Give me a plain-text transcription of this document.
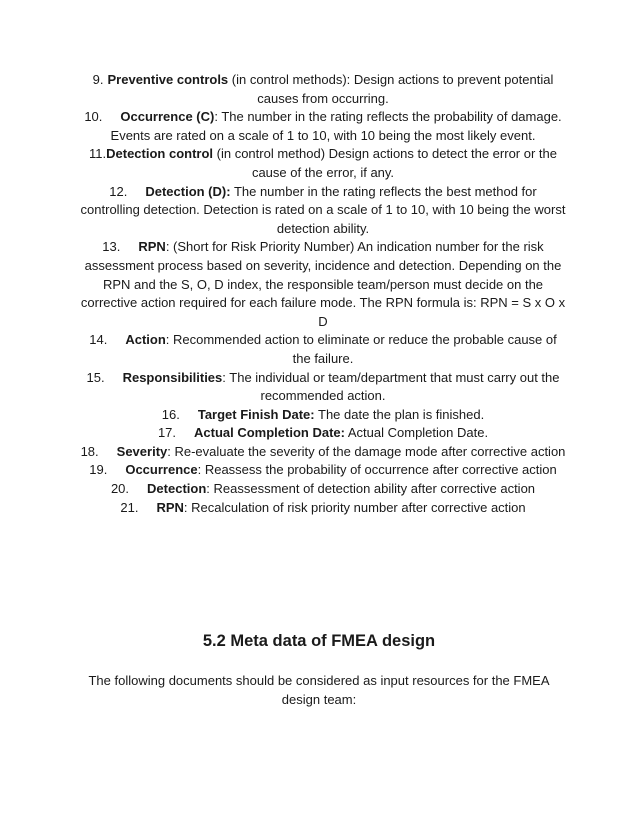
9. Preventive controls (in control methods): Design actions to prevent potential causes from occurring.

10. Occurrence (C): The number in the rating reflects the probability of damage. Events are rated on a scale of 1 to 10, with 10 being the most likely event.

11.Detection control (in control method) Design actions to detect the error or the cause of the error, if any.

12. Detection (D): The number in the rating reflects the best method for controlling detection. Detection is rated on a scale of 1 to 10, with 10 being the worst detection ability.

13. RPN: (Short for Risk Priority Number) An indication number for the risk assessment process based on severity, incidence and detection. Depending on the RPN and the S, O, D index, the responsible team/person must decide on the corrective action required for each failure mode. The RPN formula is: RPN = S x O x D

14. Action: Recommended action to eliminate or reduce the probable cause of the failure.

15. Responsibilities: The individual or team/department that must carry out the recommended action.

16. Target Finish Date: The date the plan is finished.

17. Actual Completion Date: Actual Completion Date.

18. Severity: Re-evaluate the severity of the damage mode after corrective action

19. Occurrence: Reassess the probability of occurrence after corrective action

20. Detection: Reassessment of detection ability after corrective action

21. RPN: Recalculation of risk priority number after corrective action

5.2 Meta data of FMEA design

The following documents should be considered as input resources for the FMEA design team:
